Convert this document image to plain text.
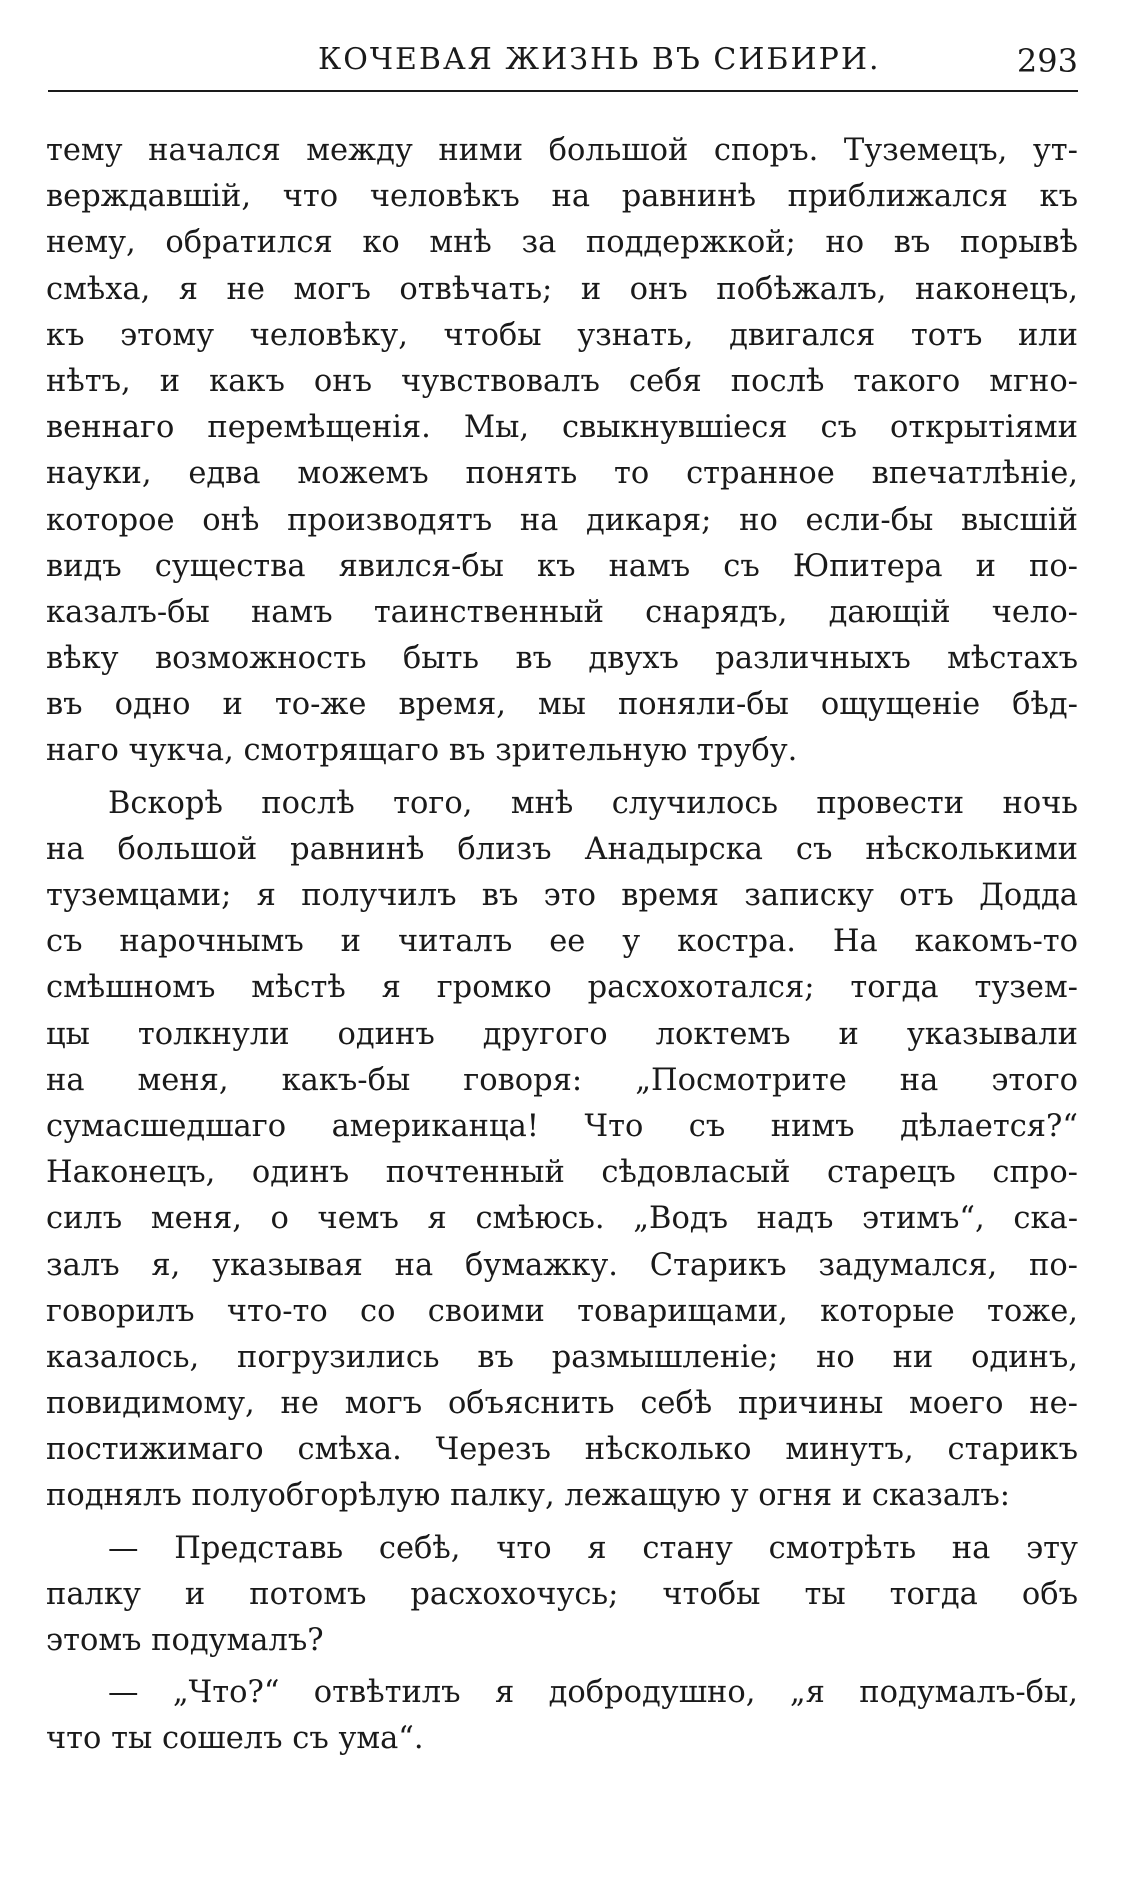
КОЧЕВАЯ ЖИЗНЬ ВЪ СИБИРИ.	293
тему начался между ними большой споръ. Туземецъ, ут-
верждавшій, что человѣкъ на равнинѣ приближался къ
нему, обратился ко мнѣ за поддержкой; но въ порывѣ
смѣха, я не могъ отвѣчать; и онъ побѣжалъ, наконецъ,
къ этому человѣку, чтобы узнать, двигался тотъ или
нѣтъ, и какъ онъ чувствовалъ себя послѣ такого мгно-
веннаго перемѣщенія. Мы, свыкнувшіеся съ открытіями
науки, едва можемъ понять то странное впечатлѣніе,
которое онѣ производятъ на дикаря; но если-бы высшій
видъ существа явился-бы къ намъ съ Юпитера и по-
казалъ-бы намъ таинственный снарядъ, дающій чело-
вѣку возможность быть въ двухъ различныхъ мѣстахъ
въ одно и то-же время, мы поняли-бы ощущеніе бѣд-
наго чукча, смотрящаго въ зрительную трубу.
Вскорѣ послѣ того, мнѣ случилось провести ночь
на большой равнинѣ близъ Анадырска съ нѣсколькими
туземцами; я получилъ въ это время записку отъ Додда
съ нарочнымъ и читалъ ее у костра. На какомъ-то
смѣшномъ мѣстѣ я громко расхохотался; тогда тузем-
цы толкнули одинъ другого локтемъ и указывали
на меня, какъ-бы говоря: „Посмотрите на этого
сумасшедшаго американца! Что съ нимъ дѣлается?“
Наконецъ, одинъ почтенный сѣдовласый старецъ спро-
силъ меня, о чемъ я смѣюсь. „Водъ надъ этимъ“, ска-
залъ я, указывая на бумажку. Старикъ задумался, по-
говорилъ что-то со своими товарищами, которые тоже,
казалось, погрузились въ размышленіе; но ни одинъ,
повидимому, не могъ объяснить себѣ причины моего не-
постижимаго смѣха. Черезъ нѣсколько минутъ, старикъ
поднялъ полуобгорѣлую палку, лежащую у огня и сказалъ:
— Представь себѣ, что я стану смотрѣть на эту
палку и потомъ расхохочусь; чтобы ты тогда объ
этомъ подумалъ?
— „Что?“ отвѣтилъ я добродушно, „я подумалъ-бы,
что ты сошелъ съ ума“.
